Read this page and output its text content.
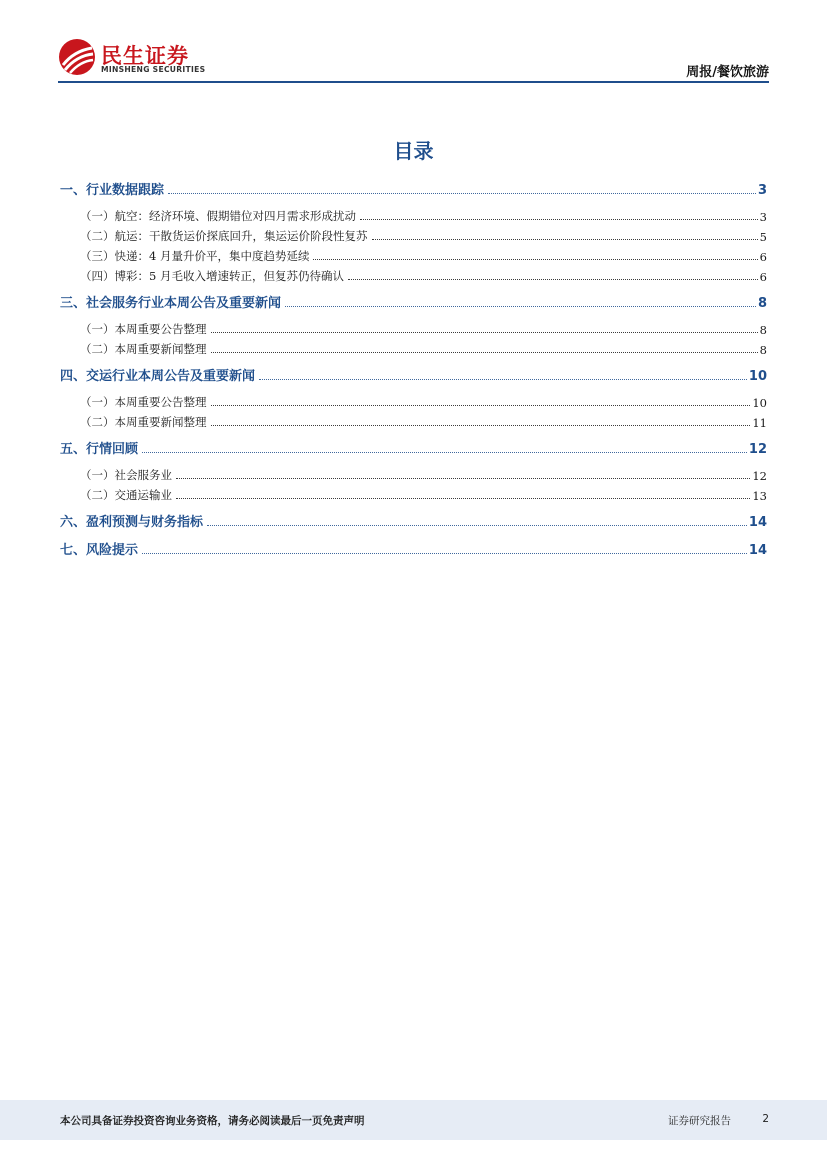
民生证券
MINSHENG SECURITIES	周报/餐饮旅游
目录
一、行业数据跟踪	3
（一）航空：经济环境、假期错位对四月需求形成扰动	3
（二）航运：干散货运价探底回升，集运运价阶段性复苏	5
（三）快递：4 月量升价平，集中度趋势延续	6
（四）博彩：5 月毛收入增速转正，但复苏仍待确认	6
三、社会服务行业本周公告及重要新闻	8
（一）本周重要公告整理	8
（二）本周重要新闻整理	8
四、交运行业本周公告及重要新闻	10
（一）本周重要公告整理	10
（二）本周重要新闻整理	11
五、行情回顾	12
（一）社会服务业	12
（二）交通运输业	13
六、盈利预测与财务指标	14
七、风险提示	14
本公司具备证券投资咨询业务资格，请务必阅读最后一页免责声明	证券研究报告	2
